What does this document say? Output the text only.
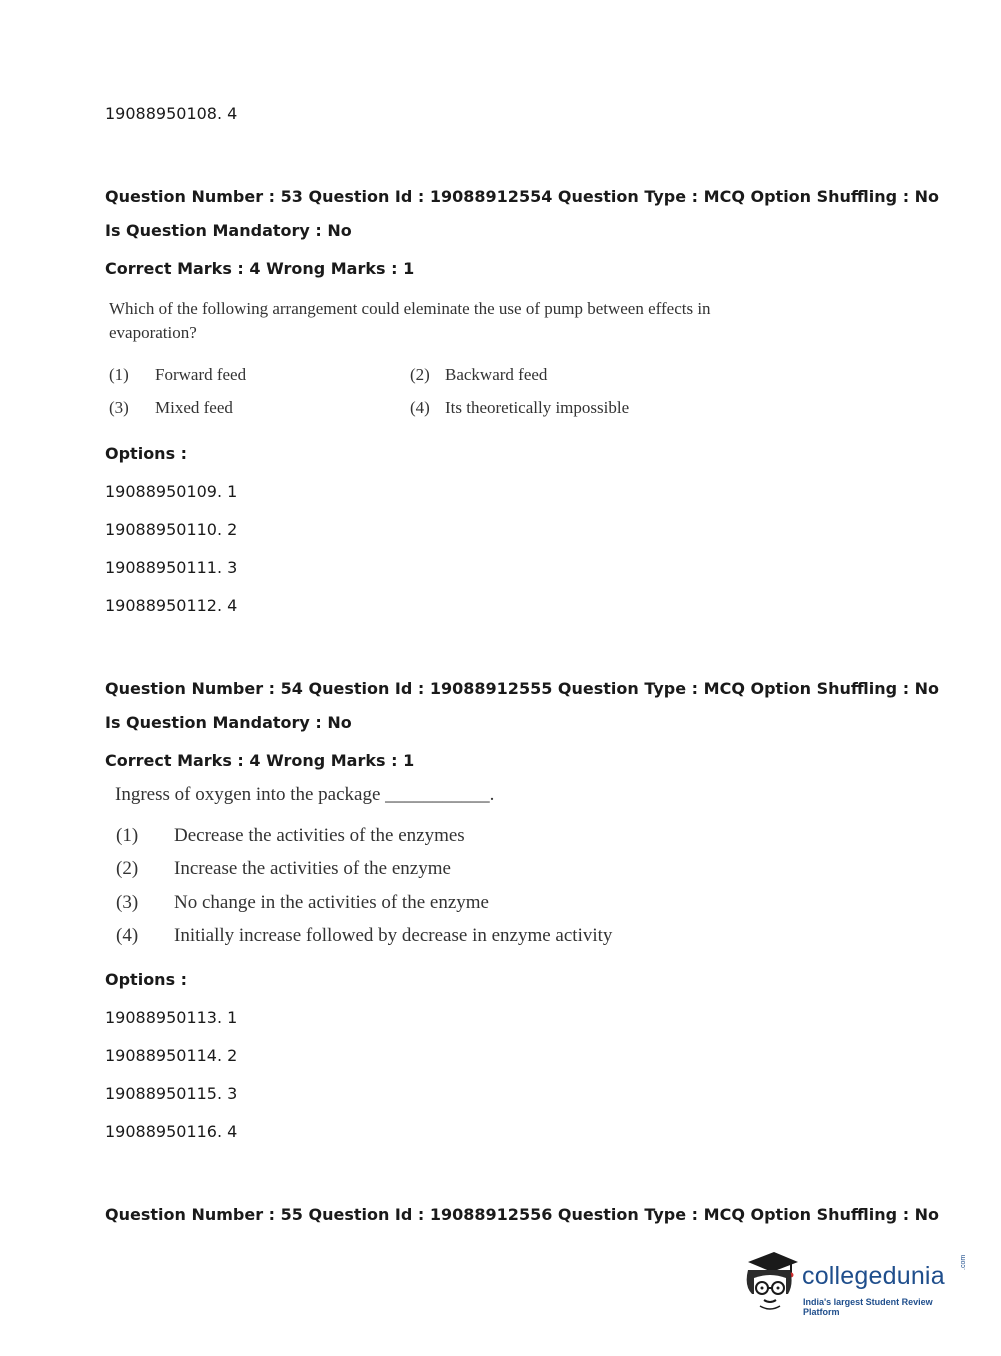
19088950108. 4
Question Number : 53 Question Id : 19088912554 Question Type : MCQ Option Shuffling : No
Is Question Mandatory : No
Correct Marks : 4 Wrong Marks : 1
Which of the following arrangement could eleminate the use of pump between effects in
evaporation?
(1) Forward feed	(2) Backward feed
(3) Mixed feed	(4) Its theoretically impossible
Options :
19088950109. 1
19088950110. 2
19088950111. 3
19088950112. 4
Question Number : 54 Question Id : 19088912555 Question Type : MCQ Option Shuffling : No
Is Question Mandatory : No
Correct Marks : 4 Wrong Marks : 1
Ingress of oxygen into the package ___________.
(1) Decrease the activities of the enzymes
(2) Increase the activities of the enzyme
(3) No change in the activities of the enzyme
(4) Initially increase followed by decrease in enzyme activity
Options :
19088950113. 1
19088950114. 2
19088950115. 3
19088950116. 4
Question Number : 55 Question Id : 19088912556 Question Type : MCQ Option Shuffling : No
collegedunia .com
India's largest Student Review Platform
